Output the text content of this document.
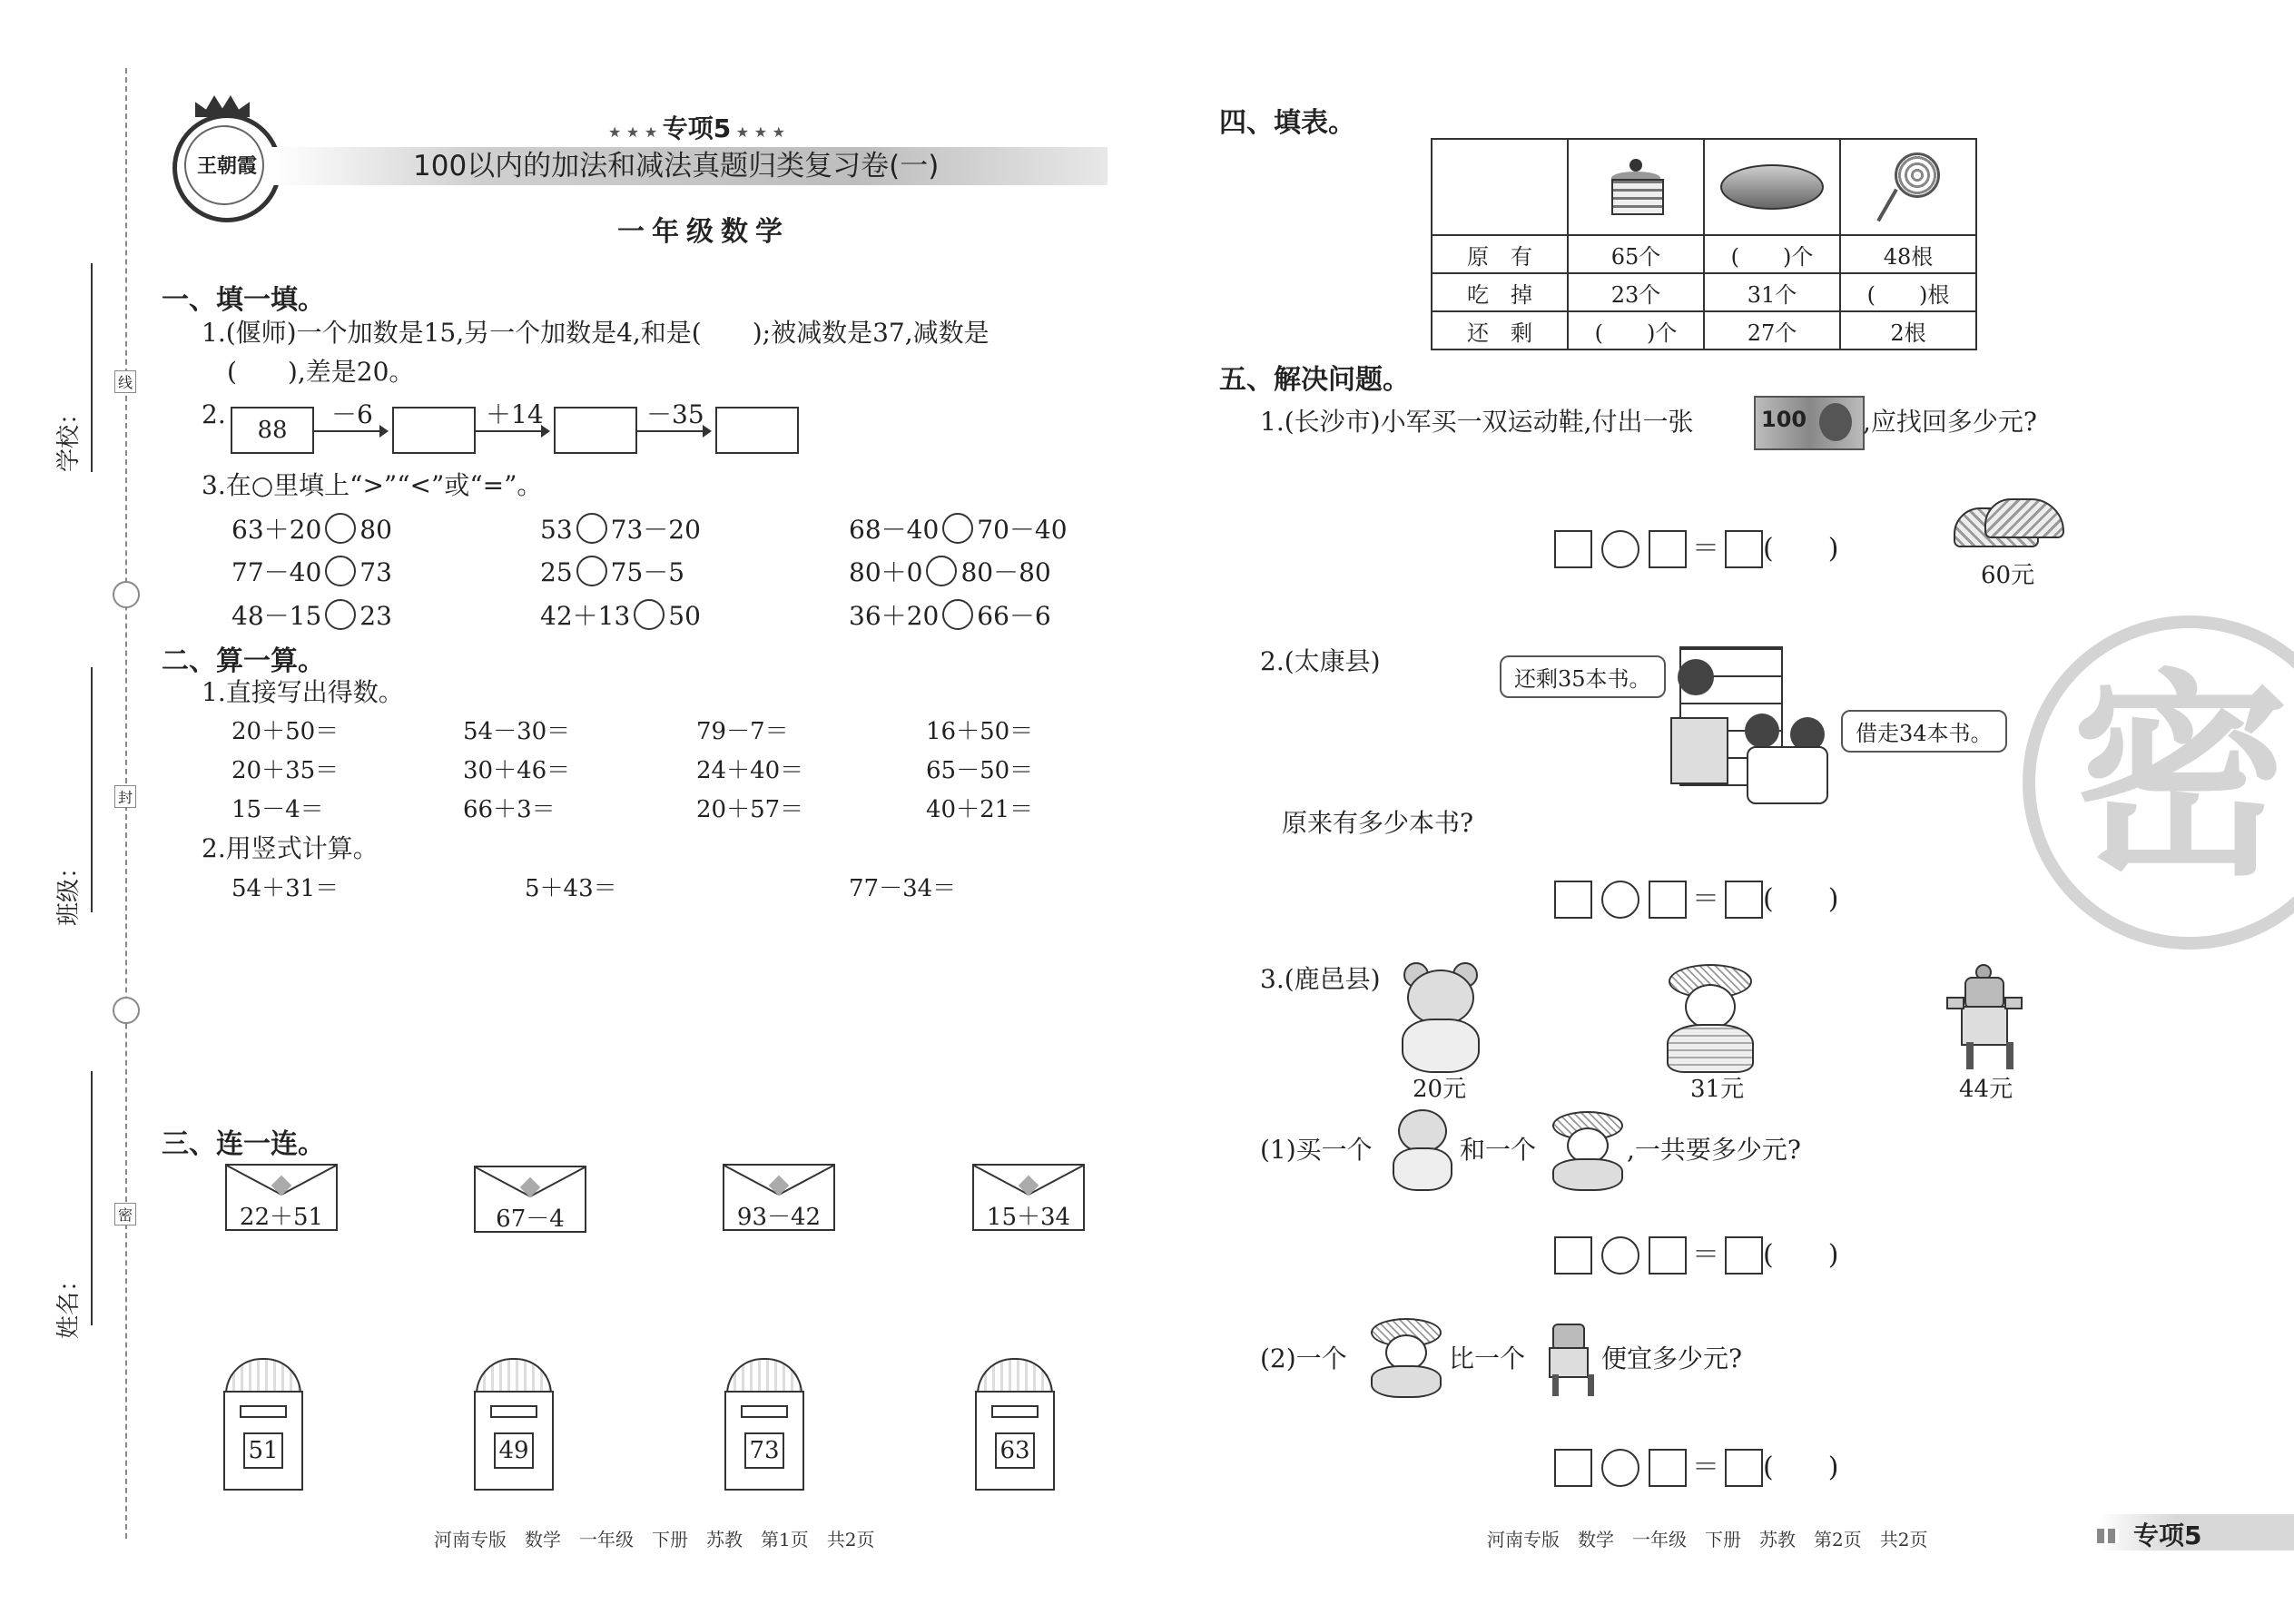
学校：
班级：
姓名：
线
封
密
王朝霞
★ ★ ★ 专项5 ★ ★ ★
100以内的加法和减法真题归类复习卷(一)
一年级数学
一、填一填。
1.(偃师)一个加数是15,另一个加数是4,和是(　　);被减数是37,减数是
(　　),差是20。
2.
88
－6	＋14	－35
3.在○里填上“>”“<”或“=”。
63＋20 80	53 73－20	68－40 70－40
77－40 73	25 75－5	80＋0 80－80
48－15 23	42＋13 50	36＋20 66－6
二、算一算。
1.直接写出得数。
20＋50＝	54－30＝	79－7＝	16＋50＝
20＋35＝	30＋46＝	24＋40＝	65－50＝
15－4＝	66＋3＝	20＋57＝	40＋21＝
2.用竖式计算。
54＋31＝	5＋43＝	77－34＝
三、连一连。
22＋51	67－4	93－42	15＋34
51	49	73	63
河南专版　数学　一年级　下册　苏教　第1页　共2页
密
四、填表。

原　有	65个	(　　)个	48根
吃　掉	23个	31个	(　　)根
还　剩	(　　)个	27个	2根
五、解决问题。
1.(长沙市)小军买一双运动鞋,付出一张	100 ,应找回多少元?
＝ (　　)
60元
2.(太康县)
还剩35本书。
借走34本书。
原来有多少本书?
＝ (　　)
3.(鹿邑县)
20元	31元	44元
(1)买一个	和一个	,一共要多少元?
＝ (　　)
(2)一个	比一个	便宜多少元?
＝ (　　)
河南专版　数学　一年级　下册　苏教　第2页　共2页	专项5
